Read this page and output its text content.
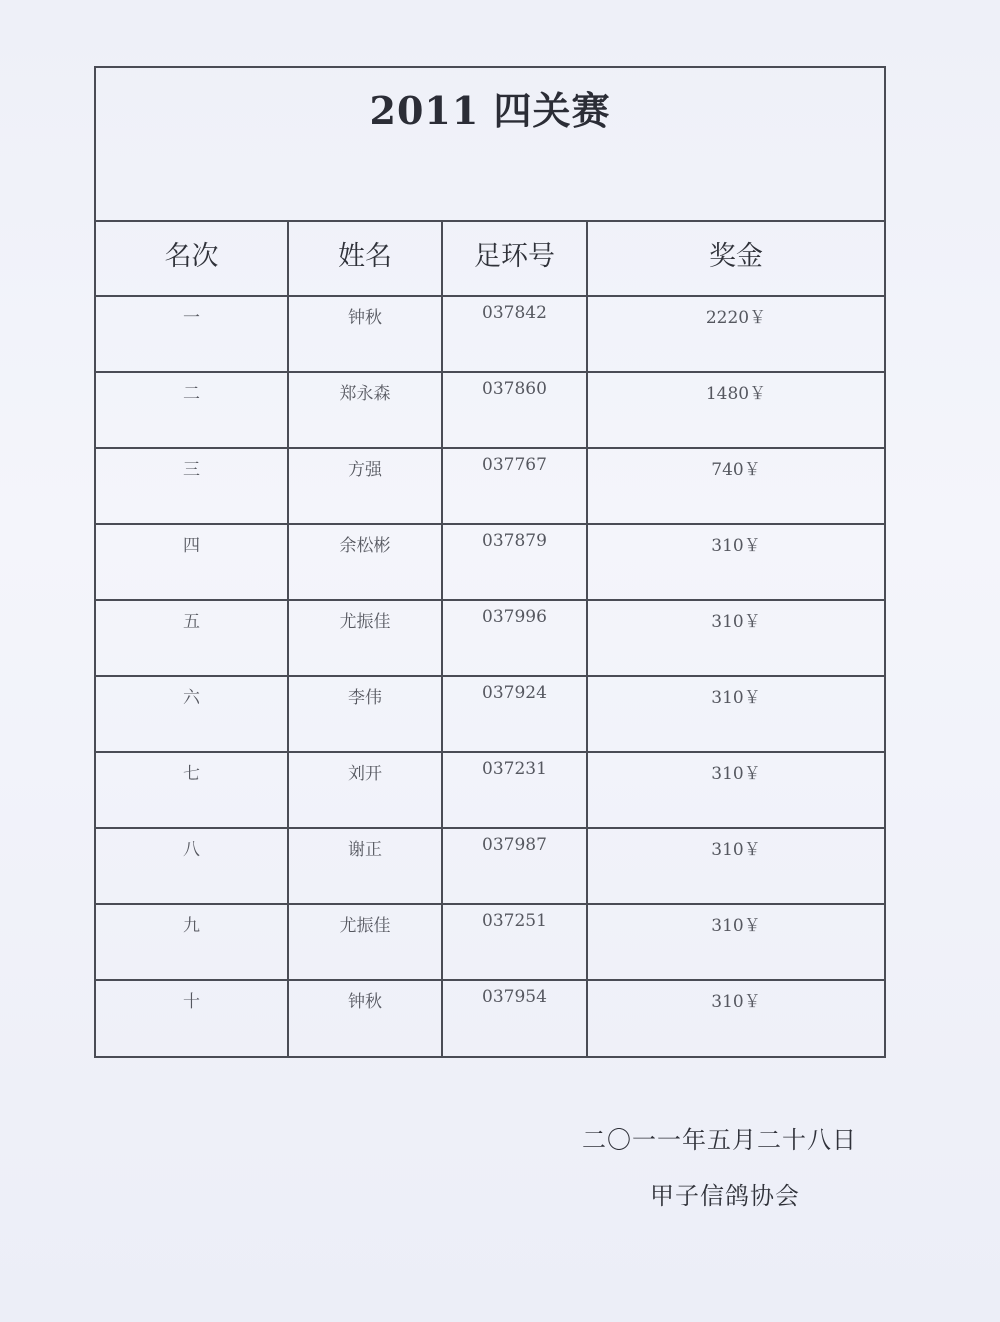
2011 四关赛
名次	姓名	足环号	奖金
一	钟秋	037842	2220￥
二	郑永森	037860	1480￥
三	方强	037767	740￥
四	余松彬	037879	310￥
五	尤振佳	037996	310￥
六	李伟	037924	310￥
七	刘开	037231	310￥
八	谢正	037987	310￥
九	尤振佳	037251	310￥
十	钟秋	037954	310￥
二〇一一年五月二十八日
甲子信鸽协会
